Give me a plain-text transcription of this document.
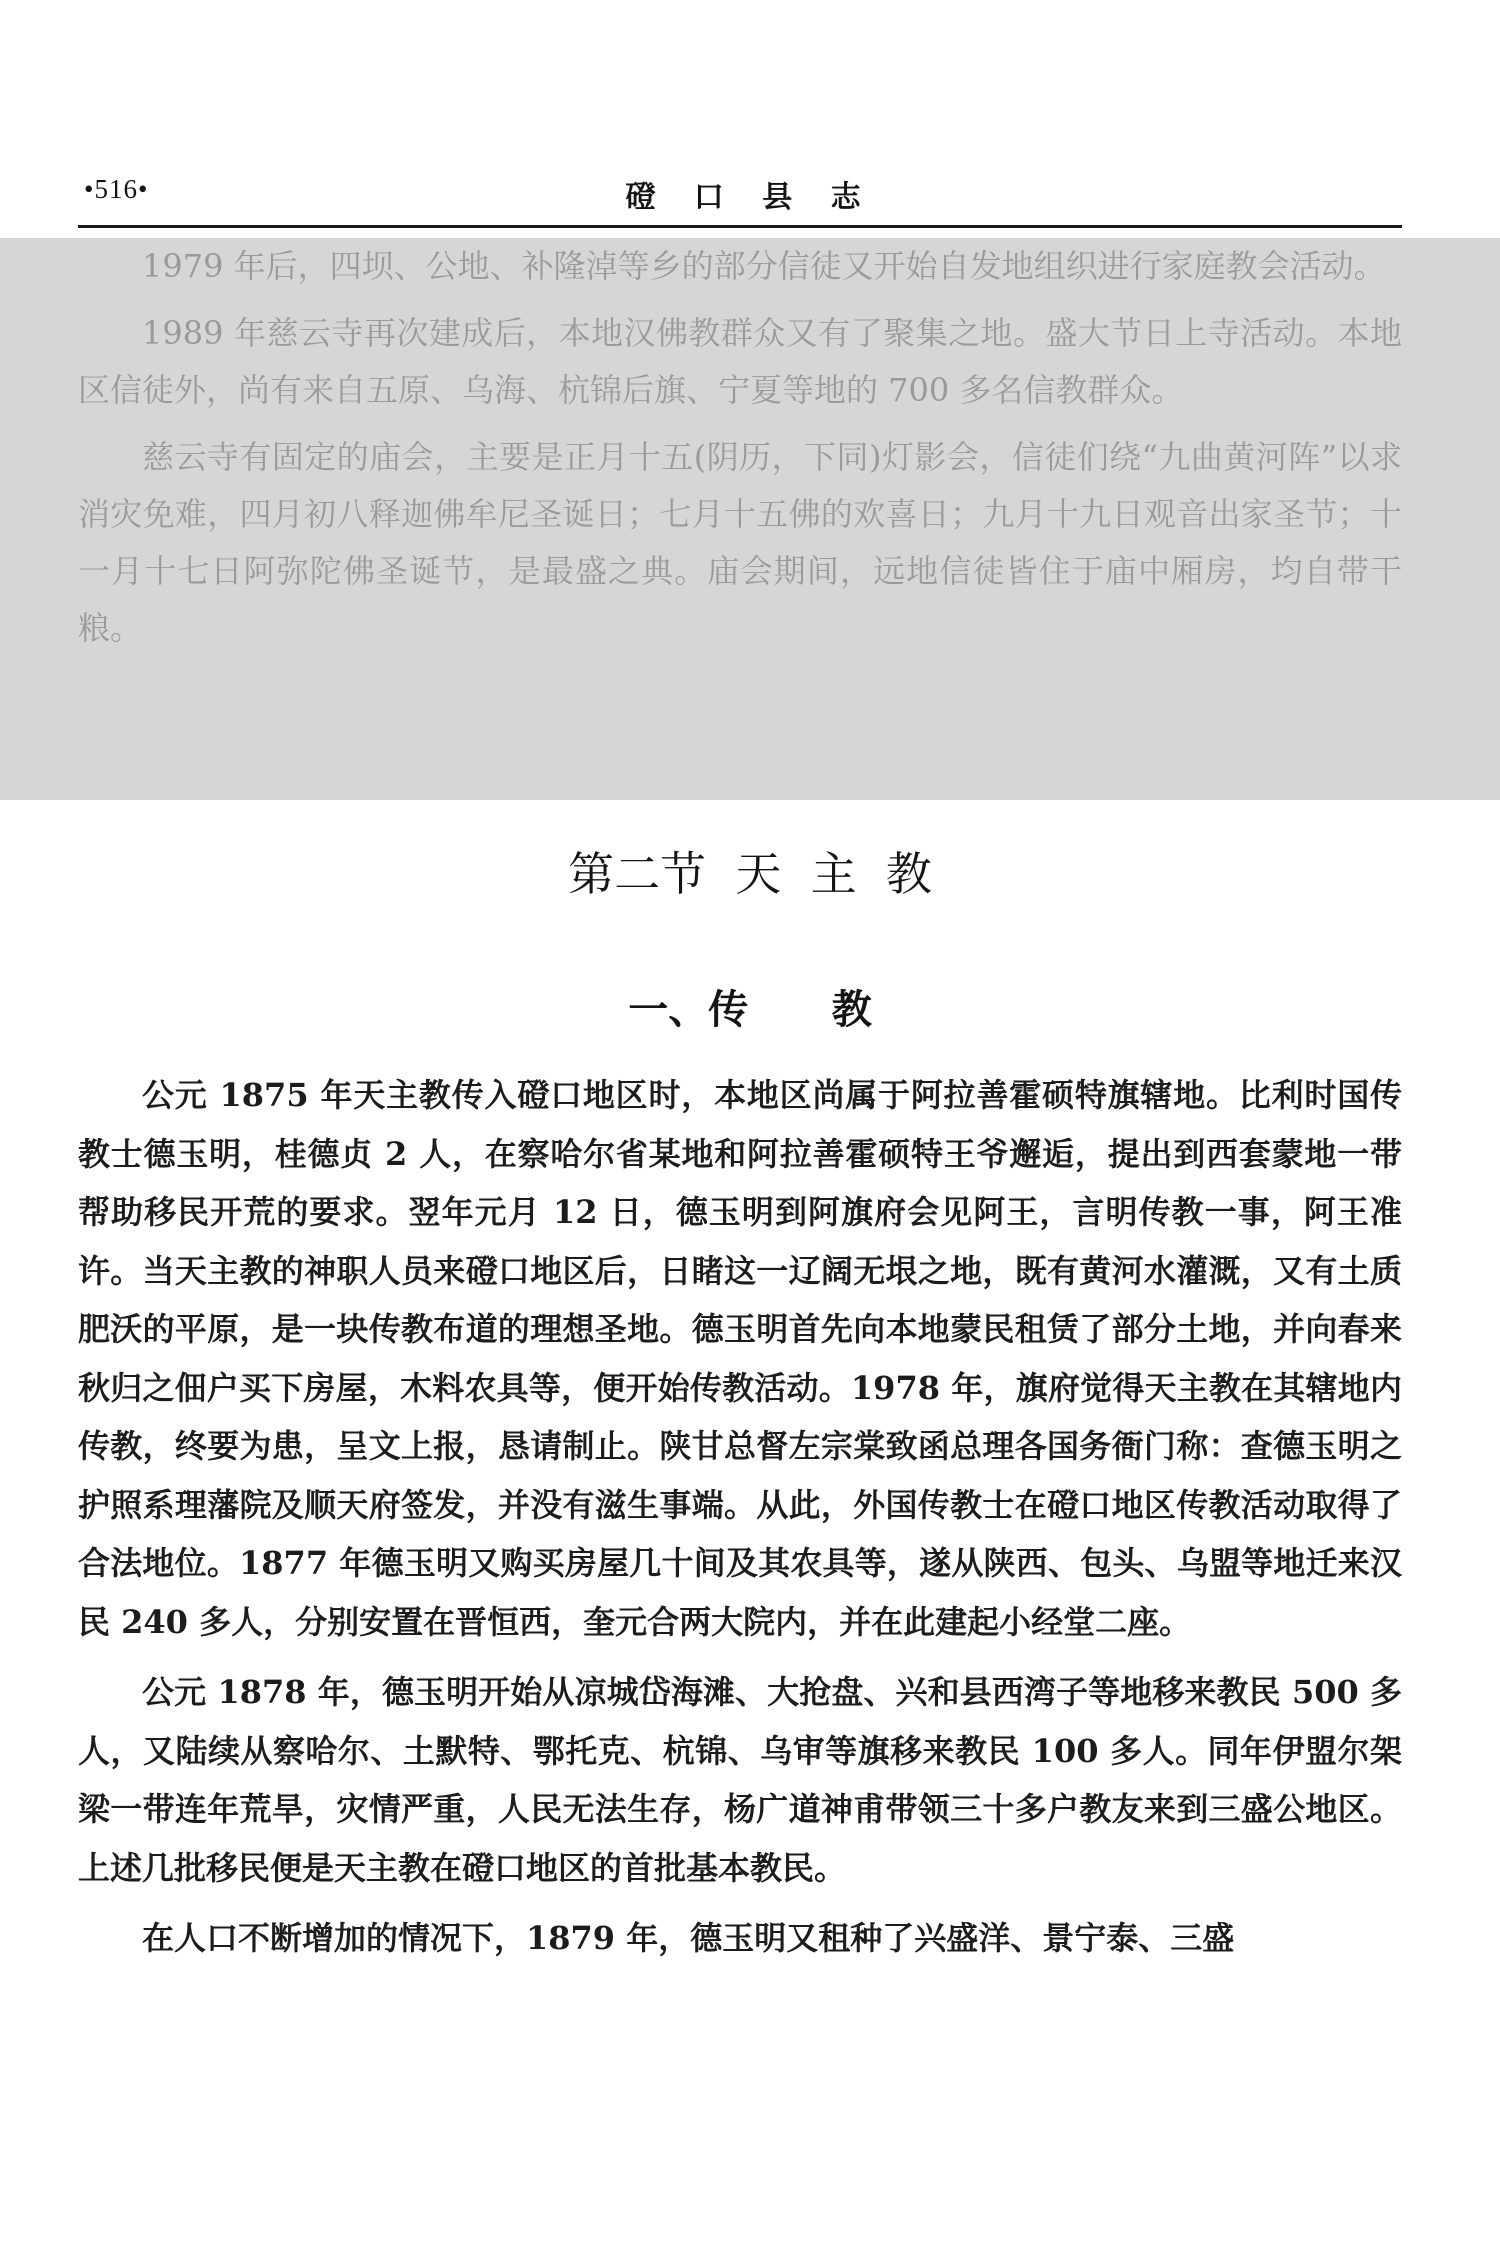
•516•	磴 口 县 志

1979 年后，四坝、公地、补隆淖等乡的部分信徒又开始自发地组织进行家庭教会活动。

1989 年慈云寺再次建成后，本地汉佛教群众又有了聚集之地。盛大节日上寺活动。本地区信徒外，尚有来自五原、乌海、杭锦后旗、宁夏等地的 700 多名信教群众。

慈云寺有固定的庙会，主要是正月十五(阴历，下同)灯影会，信徒们绕“九曲黄河阵”以求消灾免难，四月初八释迦佛牟尼圣诞日；七月十五佛的欢喜日；九月十九日观音出家圣节；十一月十七日阿弥陀佛圣诞节，是最盛之典。庙会期间，远地信徒皆住于庙中厢房，均自带干粮。

第二节  天  主  教
一、传      教

公元 1875 年天主教传入磴口地区时，本地区尚属于阿拉善霍硕特旗辖地。比利时国传教士德玉明，桂德贞 2 人，在察哈尔省某地和阿拉善霍硕特王爷邂逅，提出到西套蒙地一带帮助移民开荒的要求。翌年元月 12 日，德玉明到阿旗府会见阿王，言明传教一事，阿王准许。当天主教的神职人员来磴口地区后，日睹这一辽阔无垠之地，既有黄河水灌溉，又有土质肥沃的平原，是一块传教布道的理想圣地。德玉明首先向本地蒙民租赁了部分土地，并向春来秋归之佃户买下房屋，木料农具等，便开始传教活动。1978 年，旗府觉得天主教在其辖地内传教，终要为患，呈文上报，恳请制止。陕甘总督左宗棠致函总理各国务衙门称：查德玉明之护照系理藩院及顺天府签发，并没有滋生事端。从此，外国传教士在磴口地区传教活动取得了合法地位。1877 年德玉明又购买房屋几十间及其农具等，遂从陕西、包头、乌盟等地迁来汉民 240 多人，分别安置在晋恒西，奎元合两大院内，并在此建起小经堂二座。

公元 1878 年，德玉明开始从凉城岱海滩、大抢盘、兴和县西湾子等地移来教民 500 多人，又陆续从察哈尔、土默特、鄂托克、杭锦、乌审等旗移来教民 100 多人。同年伊盟尔架梁一带连年荒旱，灾情严重，人民无法生存，杨广道神甫带领三十多户教友来到三盛公地区。上述几批移民便是天主教在磴口地区的首批基本教民。

在人口不断增加的情况下，1879 年，德玉明又租种了兴盛洋、景宁泰、三盛
